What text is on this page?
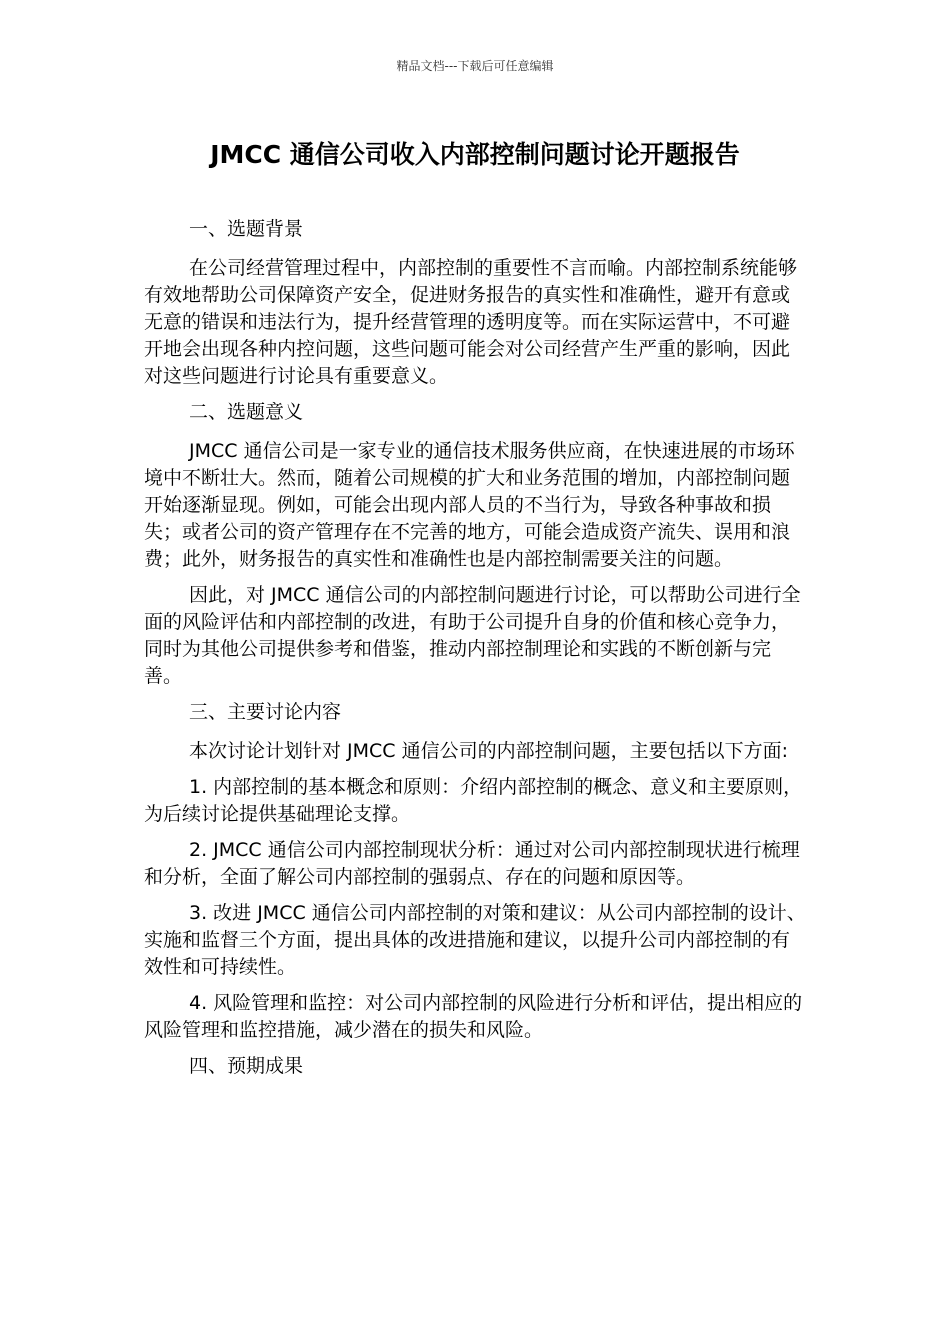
精品文档---下载后可任意编辑
JMCC 通信公司收入内部控制问题讨论开题报告

一、选题背景

在公司经营管理过程中，内部控制的重要性不言而喻。内部控制系统能够有效地帮助公司保障资产安全，促进财务报告的真实性和准确性，避开有意或无意的错误和违法行为，提升经营管理的透明度等。而在实际运营中，不可避开地会出现各种内控问题，这些问题可能会对公司经营产生严重的影响，因此对这些问题进行讨论具有重要意义。

二、选题意义

JMCC 通信公司是一家专业的通信技术服务供应商，在快速进展的市场环境中不断壮大。然而，随着公司规模的扩大和业务范围的增加，内部控制问题开始逐渐显现。例如，可能会出现内部人员的不当行为，导致各种事故和损失；或者公司的资产管理存在不完善的地方，可能会造成资产流失、误用和浪费；此外，财务报告的真实性和准确性也是内部控制需要关注的问题。

因此，对 JMCC 通信公司的内部控制问题进行讨论，可以帮助公司进行全面的风险评估和内部控制的改进，有助于公司提升自身的价值和核心竞争力，同时为其他公司提供参考和借鉴，推动内部控制理论和实践的不断创新与完善。

三、主要讨论内容

本次讨论计划针对 JMCC 通信公司的内部控制问题，主要包括以下方面:

1. 内部控制的基本概念和原则：介绍内部控制的概念、意义和主要原则，为后续讨论提供基础理论支撑。

2. JMCC 通信公司内部控制现状分析：通过对公司内部控制现状进行梳理和分析，全面了解公司内部控制的强弱点、存在的问题和原因等。

3. 改进 JMCC 通信公司内部控制的对策和建议：从公司内部控制的设计、实施和监督三个方面，提出具体的改进措施和建议，以提升公司内部控制的有效性和可持续性。

4. 风险管理和监控：对公司内部控制的风险进行分析和评估，提出相应的风险管理和监控措施，减少潜在的损失和风险。

四、预期成果
